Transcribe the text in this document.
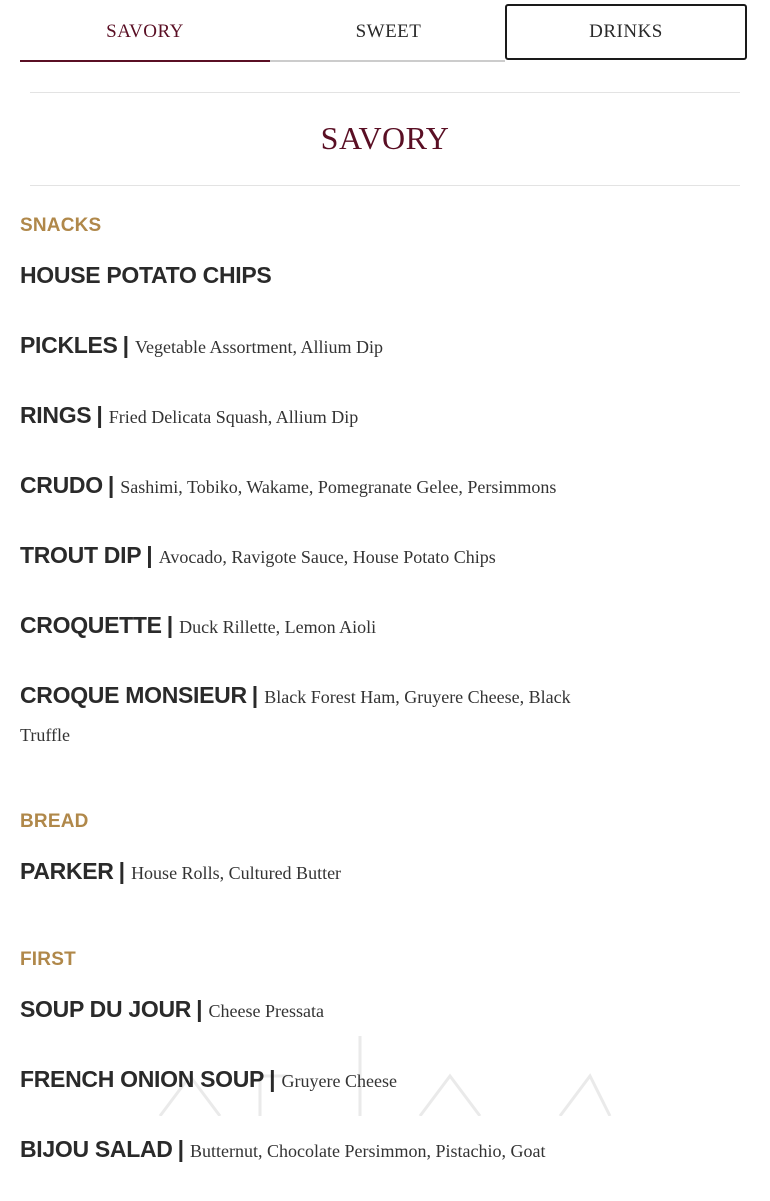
SAVORY	SWEET	DRINKS
SAVORY
SNACKS
HOUSE POTATO CHIPS
PICKLES | Vegetable Assortment, Allium Dip
RINGS | Fried Delicata Squash, Allium Dip
CRUDO | Sashimi, Tobiko, Wakame, Pomegranate Gelee, Persimmons
TROUT DIP | Avocado, Ravigote Sauce, House Potato Chips
CROQUETTE | Duck Rillette, Lemon Aioli
CROQUE MONSIEUR | Black Forest Ham, Gruyere Cheese, Black Truffle
BREAD
PARKER | House Rolls, Cultured Butter
FIRST
SOUP DU JOUR | Cheese Pressata
FRENCH ONION SOUP | Gruyere Cheese
BIJOU SALAD | Butternut, Chocolate Persimmon, Pistachio, Goat
